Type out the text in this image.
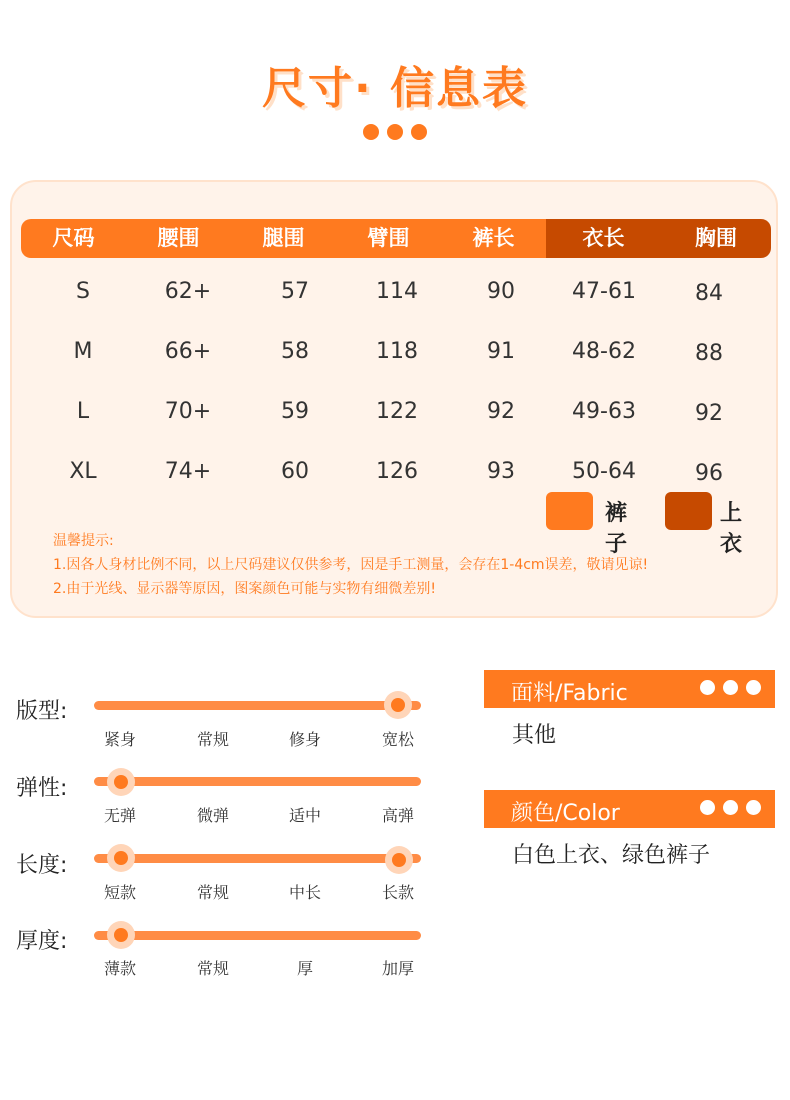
尺寸· 信息表
尺码	腰围	腿围	臂围	裤长	衣长	胸围
S	62+	57	114	90	47-61	84
M	66+	58	118	91	48-62	88
L	70+	59	122	92	49-63	92
XL	74+	60	126	93	50-64	96
裤子
上衣
温馨提示:
1.因各人身材比例不同，以上尺码建议仅供参考，因是手工测量，会存在1-4cm误差，敬请见谅!
2.由于光线、显示器等原因，图案颜色可能与实物有细微差别!
版型:
紧身	常规	修身	宽松
弹性:
无弹	微弹	适中	高弹
长度:
短款	常规	中长	长款
厚度:
薄款	常规	厚	加厚
面料/Fabric
其他
颜色/Color
白色上衣、绿色裤子
